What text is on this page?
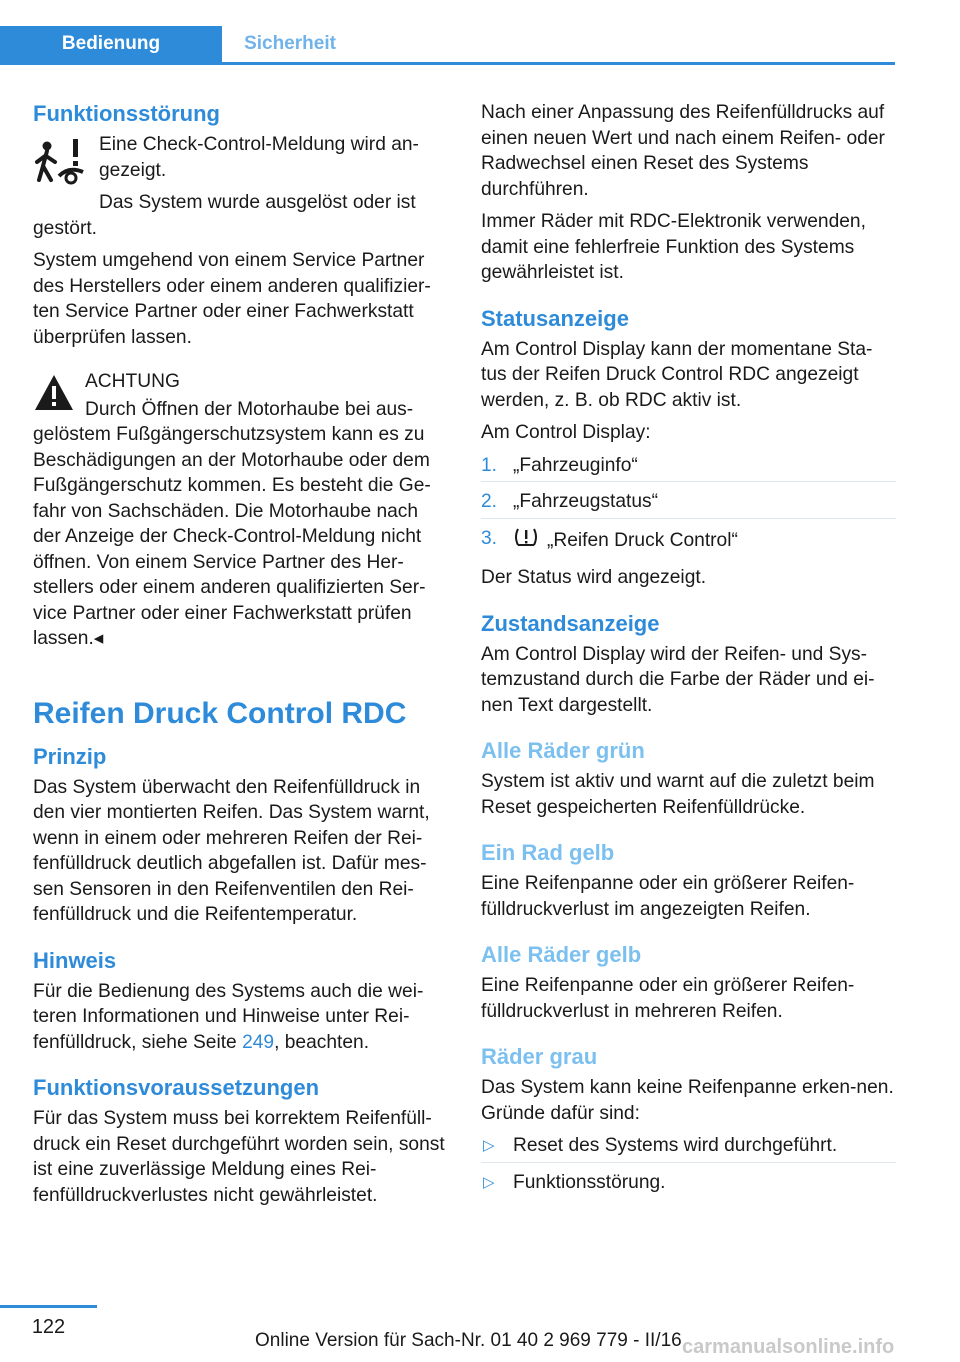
Bedienung	Sicherheit
Funktionsstörung

Eine Check-Control-Meldung wird an-gezeigt.

Das System wurde ausgelöst oder ist gestört.

System umgehend von einem Service Partner des Herstellers oder einem anderen qualifizier-ten Service Partner oder einer Fachwerkstatt überprüfen lassen.

ACHTUNG

Durch Öffnen der Motorhaube bei aus-gelöstem Fußgängerschutzsystem kann es zu Beschädigungen an der Motorhaube oder dem Fußgängerschutz kommen. Es besteht die Ge-fahr von Sachschäden. Die Motorhaube nach der Anzeige der Check-Control-Meldung nicht öffnen. Von einem Service Partner des Her-stellers oder einem anderen qualifizierten Ser-vice Partner oder einer Fachwerkstatt prüfen lassen.◂

Reifen Druck Control RDC
Prinzip

Das System überwacht den Reifenfülldruck in den vier montierten Reifen. Das System warnt, wenn in einem oder mehreren Reifen der Rei-fenfülldruck deutlich abgefallen ist. Dafür mes-sen Sensoren in den Reifenventilen den Rei-fenfülldruck und die Reifentemperatur.

Hinweis

Für die Bedienung des Systems auch die wei-teren Informationen und Hinweise unter Rei-fenfülldruck, siehe Seite 249, beachten.

Funktionsvoraussetzungen

Für das System muss bei korrektem Reifenfüll-druck ein Reset durchgeführt worden sein, sonst ist eine zuverlässige Meldung eines Rei-fenfülldruckverlustes nicht gewährleistet.

Nach einer Anpassung des Reifenfülldrucks auf einen neuen Wert und nach einem Reifen- oder Radwechsel einen Reset des Systems durchführen.

Immer Räder mit RDC-Elektronik verwenden, damit eine fehlerfreie Funktion des Systems gewährleistet ist.

Statusanzeige

Am Control Display kann der momentane Sta-tus der Reifen Druck Control RDC angezeigt werden, z. B. ob RDC aktiv ist.

Am Control Display:

1. „Fahrzeuginfo“
2. „Fahrzeugstatus“
3.	„Reifen Druck Control“

Der Status wird angezeigt.

Zustandsanzeige

Am Control Display wird der Reifen- und Sys-temzustand durch die Farbe der Räder und ei-nen Text dargestellt.

Alle Räder grün

System ist aktiv und warnt auf die zuletzt beim Reset gespeicherten Reifenfülldrücke.

Ein Rad gelb

Eine Reifenpanne oder ein größerer Reifen-fülldruckverlust im angezeigten Reifen.

Alle Räder gelb

Eine Reifenpanne oder ein größerer Reifen-fülldruckverlust in mehreren Reifen.

Räder grau

Das System kann keine Reifenpanne erken-nen. Gründe dafür sind:

▷ Reset des Systems wird durchgeführt.
▷ Funktionsstörung.
122
Online Version für Sach-Nr. 01 40 2 969 779 - II/16 carmanualsonline.info
